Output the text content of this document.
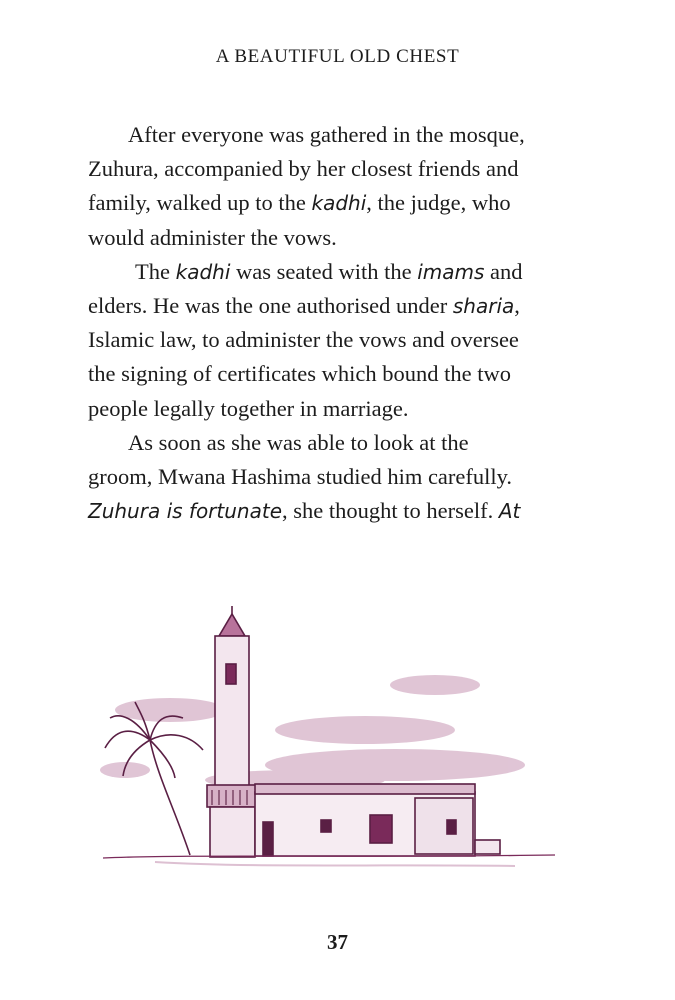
A BEAUTIFUL OLD CHEST

After everyone was gathered in the mosque,

Zuhura, accompanied by her closest friends and

family, walked up to the kadhi, the judge, who

would administer the vows.

The kadhi was seated with the imams and

elders. He was the one authorised under sharia,

Islamic law, to administer the vows and oversee

the signing of certificates which bound the two

people legally together in marriage.

As soon as she was able to look at the

groom, Mwana Hashima studied him carefully.

Zuhura is fortunate, she thought to herself. At

37
